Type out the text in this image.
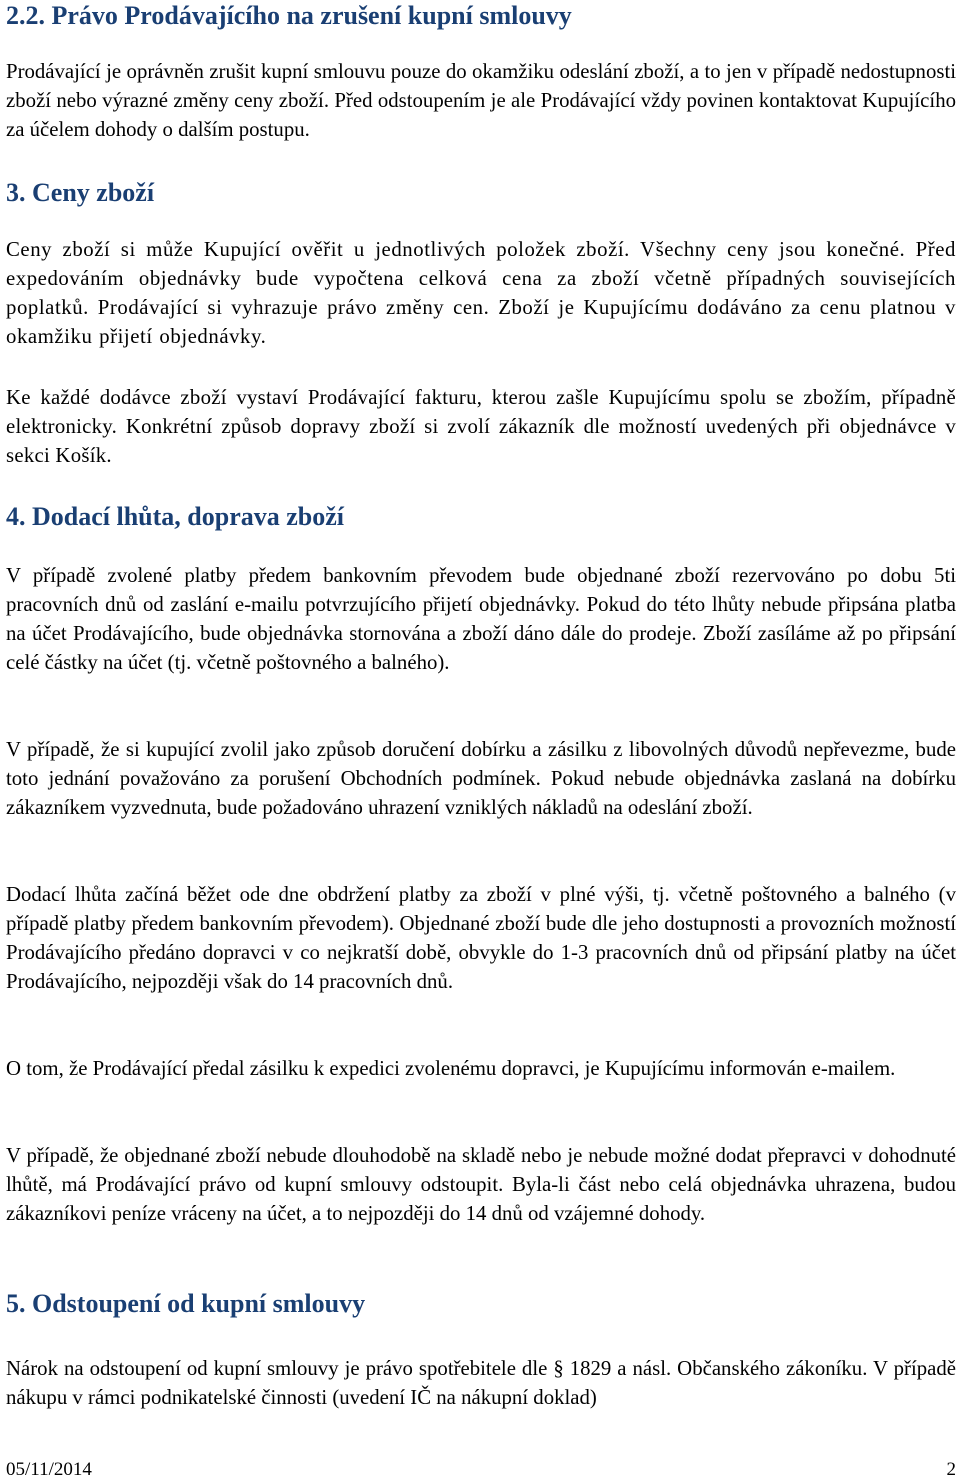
2.2. Právo Prodávajícího na zrušení kupní smlouvy

Prodávající je oprávněn zrušit kupní smlouvu pouze do okamžiku odeslání zboží, a to jen v případě nedostupnosti zboží nebo výrazné změny ceny zboží. Před odstoupením je ale Prodávající vždy povinen kontaktovat Kupujícího za účelem dohody o dalším postupu.

3. Ceny zboží

Ceny zboží si může Kupující ověřit u jednotlivých položek zboží. Všechny ceny jsou konečné. Před expedováním objednávky bude vypočtena celková cena za zboží včetně případných souvisejících poplatků. Prodávající si vyhrazuje právo změny cen. Zboží je Kupujícímu dodáváno za cenu platnou v okamžiku přijetí objednávky.

Ke každé dodávce zboží vystaví Prodávající fakturu, kterou zašle Kupujícímu spolu se zbožím, případně elektronicky. Konkrétní způsob dopravy zboží si zvolí zákazník dle možností uvedených při objednávce v sekci Košík.

4. Dodací lhůta, doprava zboží

V případě zvolené platby předem bankovním převodem bude objednané zboží rezervováno po dobu 5ti pracovních dnů od zaslání e-mailu potvrzujícího přijetí objednávky. Pokud do této lhůty nebude připsána platba na účet Prodávajícího, bude objednávka stornována a zboží dáno dále do prodeje. Zboží zasíláme až po připsání celé částky na účet (tj. včetně poštovného a balného).

V případě, že si kupující zvolil jako způsob doručení dobírku a zásilku z libovolných důvodů nepřevezme, bude toto jednání považováno za porušení Obchodních podmínek. Pokud nebude objednávka zaslaná na dobírku zákazníkem vyzvednuta, bude požadováno uhrazení vzniklých nákladů na odeslání zboží.

Dodací lhůta začíná běžet ode dne obdržení platby za zboží v plné výši, tj. včetně poštovného a balného (v případě platby předem bankovním převodem). Objednané zboží bude dle jeho dostupnosti a provozních možností Prodávajícího předáno dopravci v co nejkratší době, obvykle do 1-3 pracovních dnů od připsání platby na účet Prodávajícího, nejpozději však do 14 pracovních dnů.

O tom, že Prodávající předal zásilku k expedici zvolenému dopravci, je Kupujícímu informován e-mailem.

V případě, že objednané zboží nebude dlouhodobě na skladě nebo je nebude možné dodat přepravci v dohodnuté lhůtě, má Prodávající právo od kupní smlouvy odstoupit. Byla-li část nebo celá objednávka uhrazena, budou zákazníkovi peníze vráceny na účet, a to nejpozději do 14 dnů od vzájemné dohody.

5. Odstoupení od kupní smlouvy

Nárok na odstoupení od kupní smlouvy je právo spotřebitele dle § 1829 a násl. Občanského zákoníku. V případě nákupu v rámci podnikatelské činnosti (uvedení IČ na nákupní doklad)

05/11/2014	2
